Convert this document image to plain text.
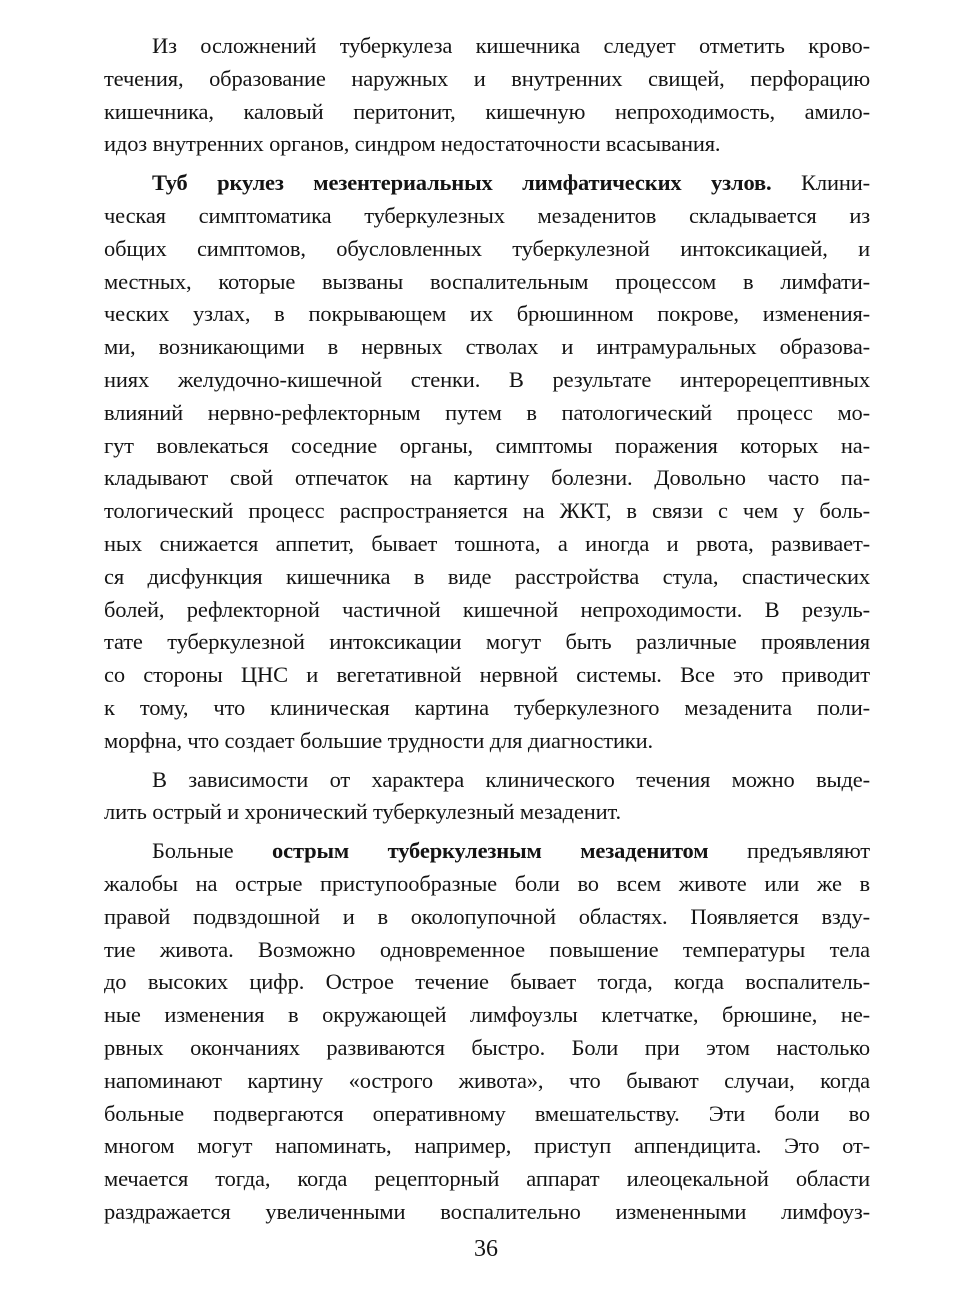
Из осложнений туберкулеза кишечника следует отметить крово-
течения, образование наружных и внутренних свищей, перфорацию
кишечника, каловый перитонит, кишечную непроходимость, амило-
идоз внутренних органов, синдром недостаточности всасывания.
Туб ркулез мезентериальных лимфатических узлов. Клини-
ческая симптоматика туберкулезных мезаденитов складывается из
общих симптомов, обусловленных туберкулезной интоксикацией, и
местных, которые вызваны воспалительным процессом в лимфати-
ческих узлах, в покрывающем их брюшинном покрове, изменения-
ми, возникающими в нервных стволах и интрамуральных образова-
ниях желудочно-кишечной стенки. В результате интерорецептивных
влияний нервно-рефлекторным путем в патологический процесс мо-
гут вовлекаться соседние органы, симптомы поражения которых на-
кладывают свой отпечаток на картину болезни. Довольно часто па-
тологический процесс распространяется на ЖКТ, в связи с чем у боль-
ных снижается аппетит, бывает тошнота, а иногда и рвота, развивает-
ся дисфункция кишечника в виде расстройства стула, спастических
болей, рефлекторной частичной кишечной непроходимости. В резуль-
тате туберкулезной интоксикации могут быть различные проявления
со стороны ЦНС и вегетативной нервной системы. Все это приводит
к тому, что клиническая картина туберкулезного мезаденита поли-
морфна, что создает большие трудности для диагностики.
В зависимости от характера клинического течения можно выде-
лить острый и хронический туберкулезный мезаденит.
Больные острым туберкулезным мезаденитом предъявляют
жалобы на острые приступообразные боли во всем животе или же в
правой подвздошной и в околопупочной областях. Появляется взду-
тие живота. Возможно одновременное повышение температуры тела
до высоких цифр. Острое течение бывает тогда, когда воспалитель-
ные изменения в окружающей лимфоузлы клетчатке, брюшине, не-
рвных окончаниях развиваются быстро. Боли при этом настолько
напоминают картину «острого живота», что бывают случаи, когда
больные подвергаются оперативному вмешательству. Эти боли во
многом могут напоминать, например, приступ аппендицита. Это от-
мечается тогда, когда рецепторный аппарат илеоцекальной области
раздражается увеличенными воспалительно измененными лимфоуз-
36
